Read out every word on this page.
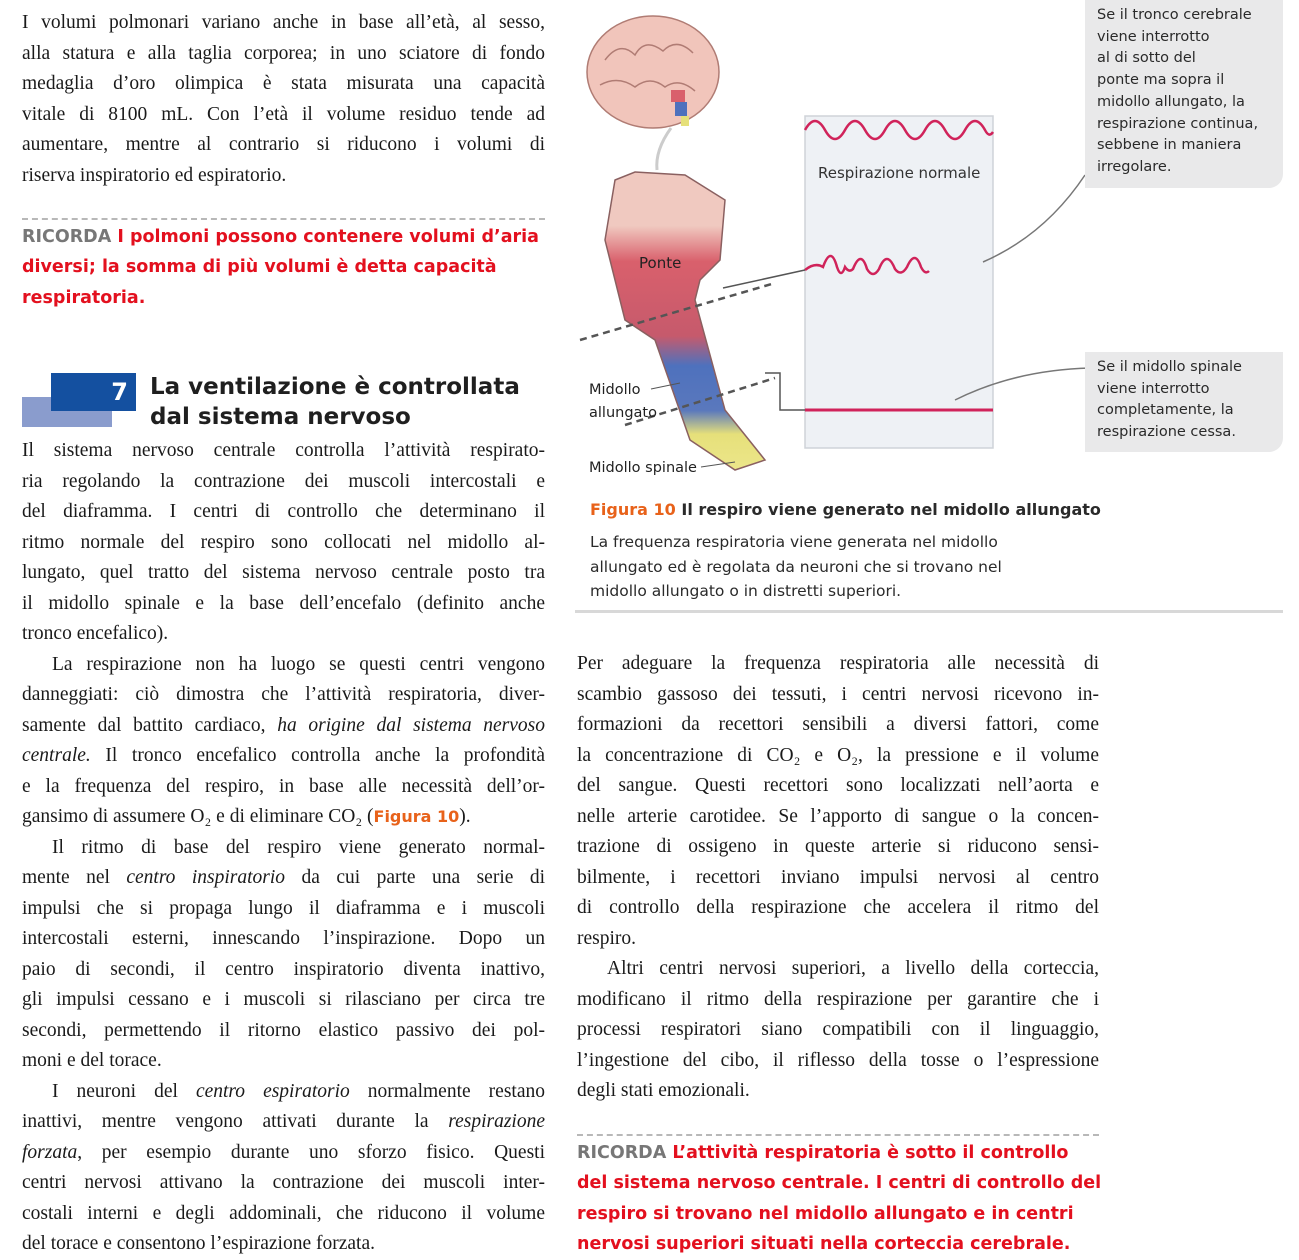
I volumi polmonari variano anche in base all’età, al sesso,
alla statura e alla taglia corporea; in uno sciatore di fondo
medaglia d’oro olimpica è stata misurata una capacità
vitale di 8100 mL. Con l’età il volume residuo tende ad
aumentare, mentre al contrario si riducono i volumi di
riserva inspiratorio ed espiratorio.
RICORDA I polmoni possono contenere volumi d’aria
diversi; la somma di più volumi è detta capacità
respiratoria.
7 La ventilazione è controllata
dal sistema nervoso
Il sistema nervoso centrale controlla l’attività respirato-
ria regolando la contrazione dei muscoli intercostali e
del diaframma. I centri di controllo che determinano il
ritmo normale del respiro sono collocati nel midollo al-
lungato, quel tratto del sistema nervoso centrale posto tra
il midollo spinale e la base dell’encefalo (definito anche
tronco encefalico).
La respirazione non ha luogo se questi centri vengono
danneggiati: ciò dimostra che l’attività respiratoria, diver-
samente dal battito cardiaco, ha origine dal sistema nervoso
centrale. Il tronco encefalico controlla anche la profondità
e la frequenza del respiro, in base alle necessità dell’or-
gansimo di assumere O₂ e di eliminare CO₂ (Figura 10).
Il ritmo di base del respiro viene generato normal-
mente nel centro inspiratorio da cui parte una serie di
impulsi che si propaga lungo il diaframma e i muscoli
intercostali esterni, innescando l’inspirazione. Dopo un
paio di secondi, il centro inspiratorio diventa inattivo,
gli impulsi cessano e i muscoli si rilasciano per circa tre
secondi, permettendo il ritorno elastico passivo dei pol-
moni e del torace.
I neuroni del centro espiratorio normalmente restano
inattivi, mentre vengono attivati durante la respirazione
forzata, per esempio durante uno sforzo fisico. Questi
centri nervosi attivano la contrazione dei muscoli inter-
costali interni e degli addominali, che riducono il volume
del torace e consentono l’espirazione forzata.
Per adeguare la frequenza respiratoria alle necessità di
scambio gassoso dei tessuti, i centri nervosi ricevono in-
formazioni da recettori sensibili a diversi fattori, come
la concentrazione di CO₂ e O₂, la pressione e il volume
del sangue. Questi recettori sono localizzati nell’aorta e
nelle arterie carotidee. Se l’apporto di sangue o la concen-
trazione di ossigeno in queste arterie si riducono sensi-
bilmente, i recettori inviano impulsi nervosi al centro
di controllo della respirazione che accelera il ritmo del
respiro.
Altri centri nervosi superiori, a livello della corteccia,
modificano il ritmo della respirazione per garantire che i
processi respiratori siano compatibili con il linguaggio,
l’ingestione del cibo, il riflesso della tosse o l’espressione
degli stati emozionali.
RICORDA L’attività respiratoria è sotto il controllo
del sistema nervoso centrale. I centri di controllo del
respiro si trovano nel midollo allungato e in centri
nervosi superiori situati nella corteccia cerebrale.
Ponte
Midollo
allungato
Midollo spinale
Respirazione normale
Se il tronco cerebrale
viene interrotto
al di sotto del
ponte ma sopra il
midollo allungato, la
respirazione continua,
sebbene in maniera
irregolare.
Se il midollo spinale
viene interrotto
completamente, la
respirazione cessa.
Figura 10 Il respiro viene generato nel midollo allungato
La frequenza respiratoria viene generata nel midollo
allungato ed è regolata da neuroni che si trovano nel
midollo allungato o in distretti superiori.
